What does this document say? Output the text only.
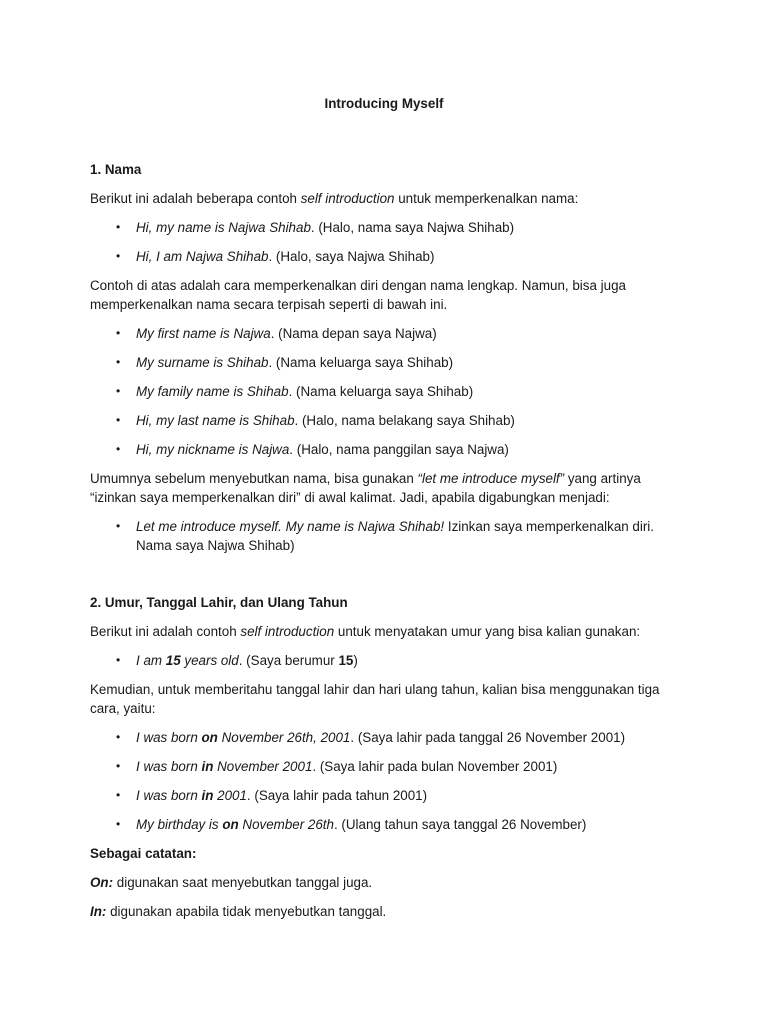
Introducing Myself
1. Nama

Berikut ini adalah beberapa contoh self introduction untuk memperkenalkan nama:

• Hi, my name is Najwa Shihab. (Halo, nama saya Najwa Shihab)
• Hi, I am Najwa Shihab. (Halo, saya Najwa Shihab)

Contoh di atas adalah cara memperkenalkan diri dengan nama lengkap. Namun, bisa juga memperkenalkan nama secara terpisah seperti di bawah ini.

• My first name is Najwa. (Nama depan saya Najwa)
• My surname is Shihab. (Nama keluarga saya Shihab)
• My family name is Shihab. (Nama keluarga saya Shihab)
• Hi, my last name is Shihab. (Halo, nama belakang saya Shihab)
• Hi, my nickname is Najwa. (Halo, nama panggilan saya Najwa)

Umumnya sebelum menyebutkan nama, bisa gunakan “let me introduce myself” yang artinya “izinkan saya memperkenalkan diri” di awal kalimat. Jadi, apabila digabungkan menjadi:

• Let me introduce myself. My name is Najwa Shihab! Izinkan saya memperkenalkan diri. Nama saya Najwa Shihab)
2. Umur, Tanggal Lahir, dan Ulang Tahun

Berikut ini adalah contoh self introduction untuk menyatakan umur yang bisa kalian gunakan:

• I am 15 years old. (Saya berumur 15)

Kemudian, untuk memberitahu tanggal lahir dan hari ulang tahun, kalian bisa menggunakan tiga cara, yaitu:

• I was born on November 26th, 2001. (Saya lahir pada tanggal 26 November 2001)
• I was born in November 2001. (Saya lahir pada bulan November 2001)
• I was born in 2001. (Saya lahir pada tahun 2001)
• My birthday is on November 26th. (Ulang tahun saya tanggal 26 November)

Sebagai catatan:

On: digunakan saat menyebutkan tanggal juga.

In: digunakan apabila tidak menyebutkan tanggal.
